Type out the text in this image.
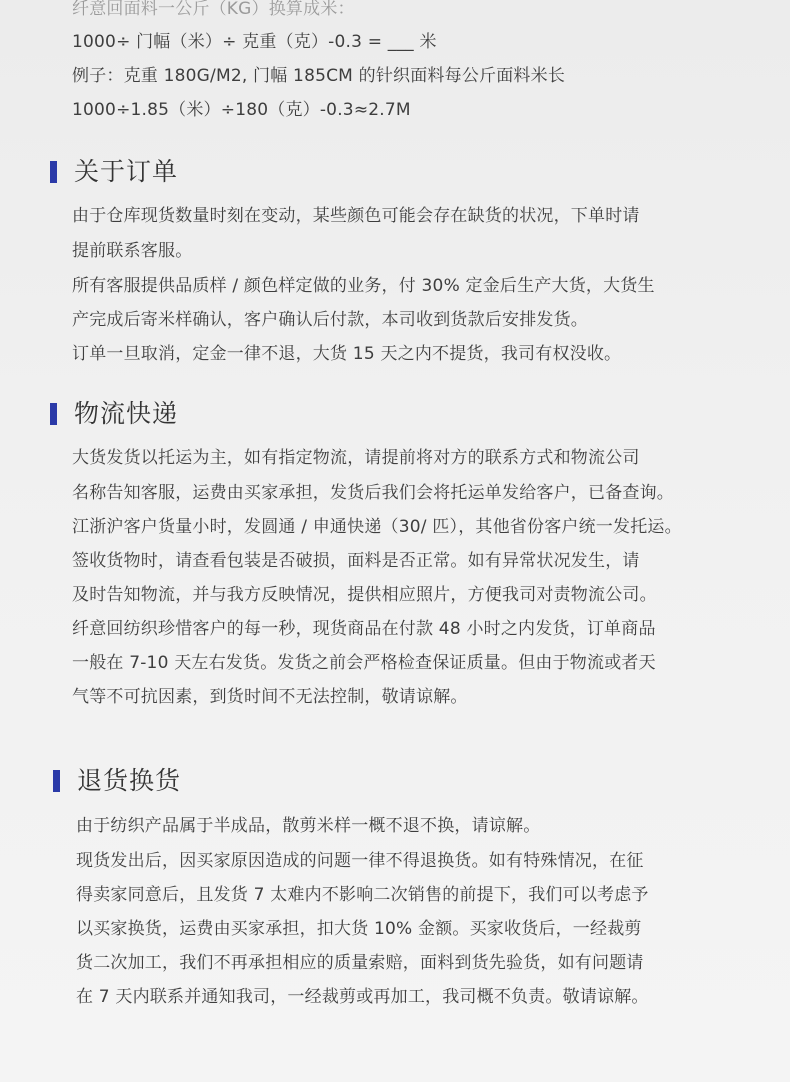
纤意回面料一公斤（KG）换算成米：
1000÷ 门幅（米）÷ 克重（克）-0.3 = ___ 米
例子：克重 180G/M2, 门幅 185CM 的针织面料每公斤面料米长
1000÷1.85（米）÷180（克）-0.3≈2.7M
关于订单
由于仓库现货数量时刻在变动，某些颜色可能会存在缺货的状况，下单时请
提前联系客服。
所有客服提供品质样 / 颜色样定做的业务，付 30% 定金后生产大货，大货生
产完成后寄米样确认，客户确认后付款，本司收到货款后安排发货。
订单一旦取消，定金一律不退，大货 15 天之内不提货，我司有权没收。
物流快递
大货发货以托运为主，如有指定物流，请提前将对方的联系方式和物流公司
名称告知客服，运费由买家承担，发货后我们会将托运单发给客户，已备查询。
江浙沪客户货量小时，发圆通 / 申通快递（30/ 匹），其他省份客户统一发托运。
签收货物时，请查看包装是否破损，面料是否正常。如有异常状况发生，请
及时告知物流，并与我方反映情况，提供相应照片，方便我司对责物流公司。
纤意回纺织珍惜客户的每一秒，现货商品在付款 48 小时之内发货，订单商品
一般在 7-10 天左右发货。发货之前会严格检查保证质量。但由于物流或者天
气等不可抗因素，到货时间不无法控制，敬请谅解。
退货换货
由于纺织产品属于半成品，散剪米样一概不退不换，请谅解。
现货发出后，因买家原因造成的问题一律不得退换货。如有特殊情况，在征
得卖家同意后，且发货 7 太难内不影响二次销售的前提下，我们可以考虑予
以买家换货，运费由买家承担，扣大货 10% 金额。买家收货后，一经裁剪
货二次加工，我们不再承担相应的质量索赔，面料到货先验货，如有问题请
在 7 天内联系并通知我司，一经裁剪或再加工，我司概不负责。敬请谅解。
